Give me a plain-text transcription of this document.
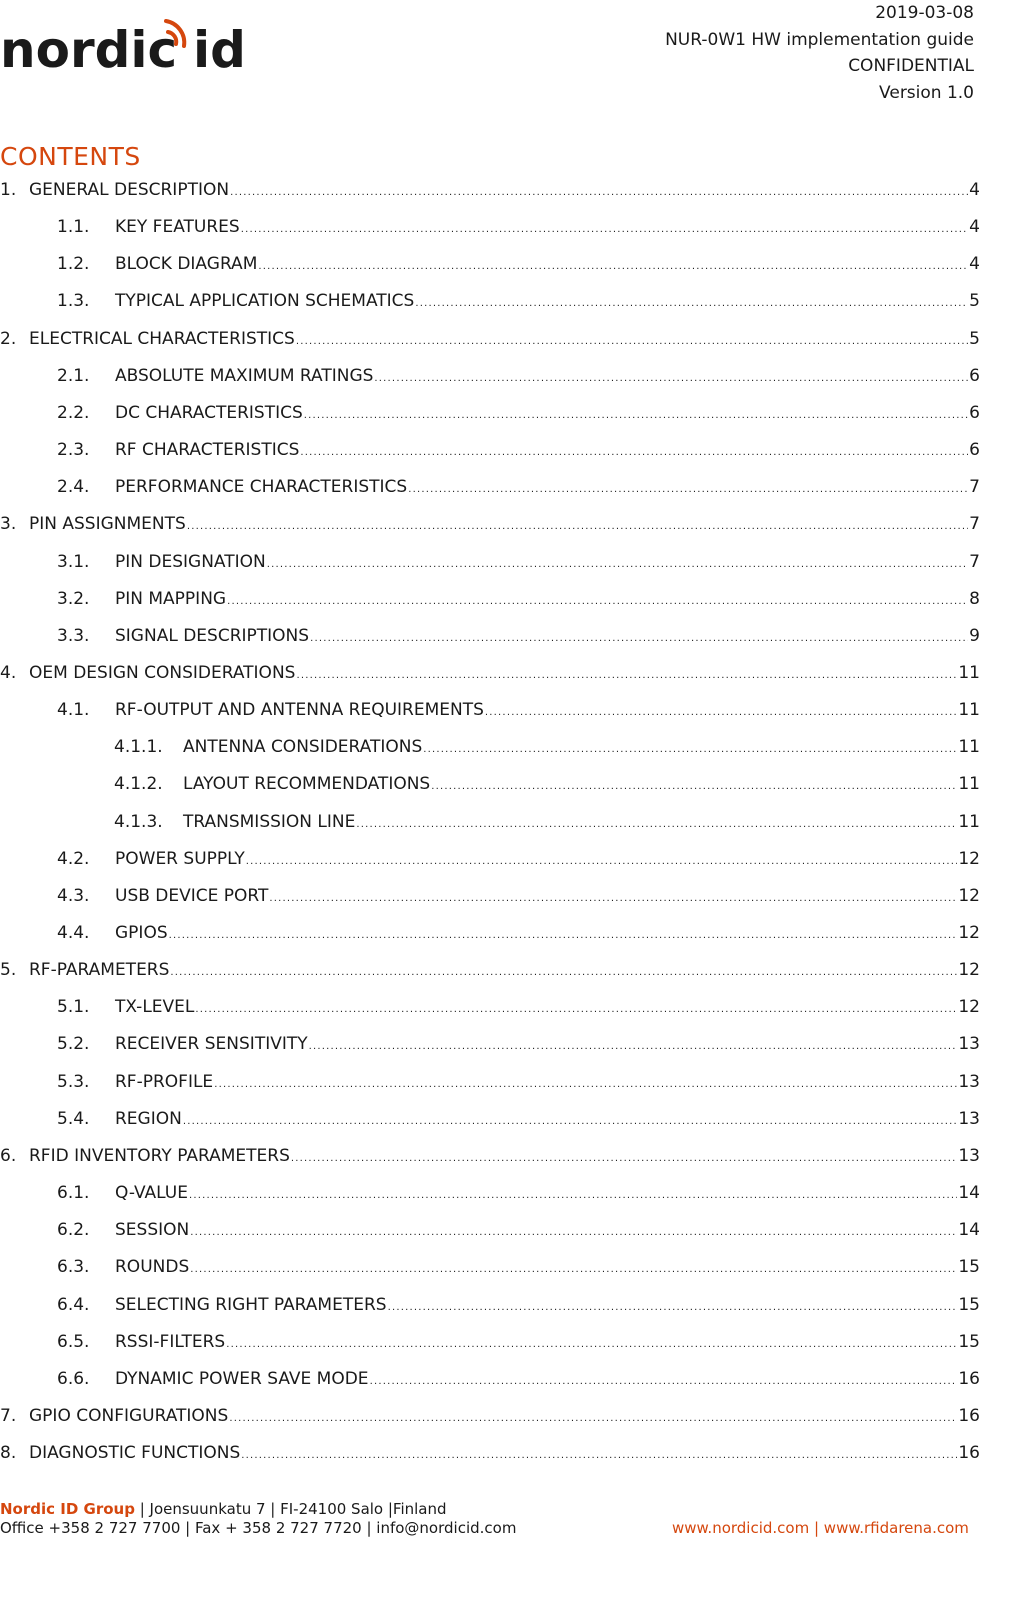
nordic id
2019-03-08
NUR-0W1 HW implementation guide
CONFIDENTIAL
Version 1.0
CONTENTS
1. GENERAL DESCRIPTION .....	4
1.1.	KEY FEATURES .....	4
1.2.	BLOCK DIAGRAM .....	4
1.3.	TYPICAL APPLICATION SCHEMATICS .....	5
2. ELECTRICAL CHARACTERISTICS .....	5
2.1.	ABSOLUTE MAXIMUM RATINGS .....	6
2.2.	DC CHARACTERISTICS .....	6
2.3.	RF CHARACTERISTICS .....	6
2.4.	PERFORMANCE CHARACTERISTICS .....	7
3. PIN ASSIGNMENTS .....	7
3.1.	PIN DESIGNATION .....	7
3.2.	PIN MAPPING .....	8
3.3.	SIGNAL DESCRIPTIONS .....	9
4. OEM DESIGN CONSIDERATIONS .....	11
4.1.	RF-OUTPUT AND ANTENNA REQUIREMENTS .....	11
4.1.1.	ANTENNA CONSIDERATIONS .....	11
4.1.2.	LAYOUT RECOMMENDATIONS .....	11
4.1.3.	TRANSMISSION LINE .....	11
4.2.	POWER SUPPLY .....	12
4.3.	USB DEVICE PORT .....	12
4.4.	GPIOS .....	12
5. RF-PARAMETERS .....	12
5.1.	TX-LEVEL .....	12
5.2.	RECEIVER SENSITIVITY .....	13
5.3.	RF-PROFILE .....	13
5.4.	REGION .....	13
6. RFID INVENTORY PARAMETERS .....	13
6.1.	Q-VALUE .....	14
6.2.	SESSION .....	14
6.3.	ROUNDS .....	15
6.4.	SELECTING RIGHT PARAMETERS .....	15
6.5.	RSSI-FILTERS .....	15
6.6.	DYNAMIC POWER SAVE MODE .....	16
7. GPIO CONFIGURATIONS .....	16
8. DIAGNOSTIC FUNCTIONS .....	16
Nordic ID Group | Joensuunkatu 7 | FI-24100 Salo |Finland
Office +358 2 727 7700 | Fax + 358 2 727 7720 | info@nordicid.com	www.nordicid.com | www.rfidarena.com
